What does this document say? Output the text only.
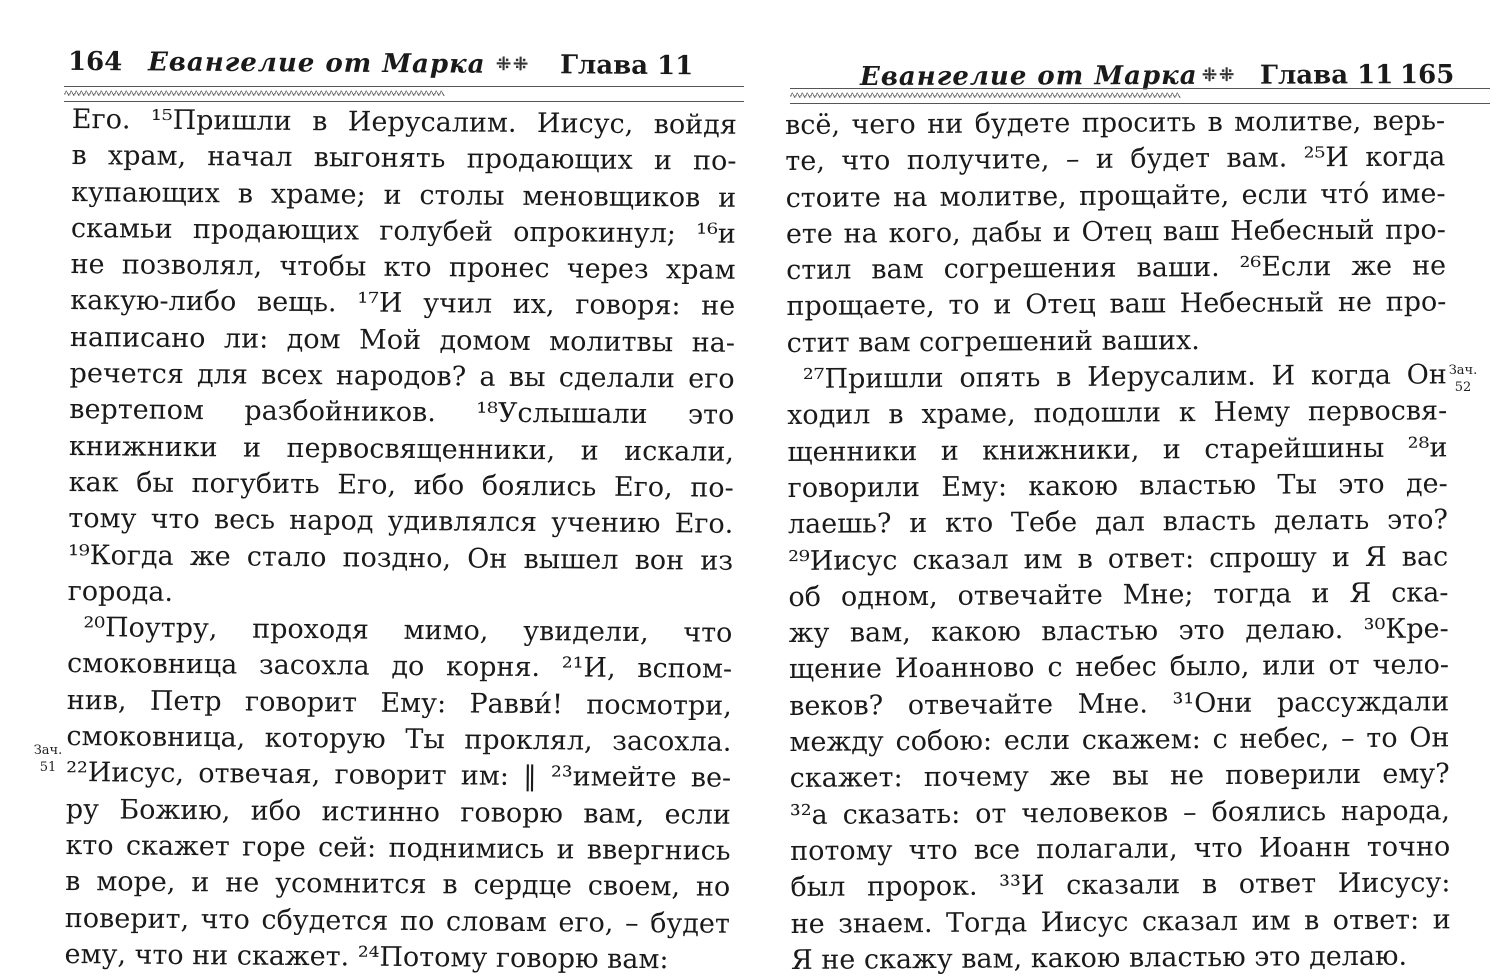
164 Евангелие от Марка ⁜⁜ Глава 11
ﾍﾍﾍﾍﾍﾍﾍﾍﾍﾍﾍﾍﾍﾍﾍﾍﾍﾍﾍﾍﾍﾍﾍﾍﾍﾍﾍﾍﾍﾍﾍﾍﾍﾍﾍﾍﾍﾍﾍﾍﾍﾍﾍﾍﾍﾍﾍﾍﾍﾍﾍﾍﾍﾍﾍﾍﾍﾍﾍﾍﾍﾍﾍﾍﾍﾍﾍﾍﾍﾍﾍﾍﾍﾍﾍﾍ
Его. ¹⁵Пришли в Иерусалим. Иисус, войдя
в храм, начал выгонять продающих и по-
купающих в храме; и столы меновщиков и
скамьи продающих голубей опрокинул; ¹⁶и
не позволял, чтобы кто пронес через храм
какую-либо вещь. ¹⁷И учил их, говоря: не
написано ли: дом Мой домом молитвы на-
речется для всех народов? а вы сделали его
вертепом разбойников. ¹⁸Услышали это
книжники и первосвященники, и искали,
как бы погубить Его, ибо боялись Его, по-
тому что весь народ удивлялся учению Его.
¹⁹Когда же стало поздно, Он вышел вон из
города.
²⁰Поутру, проходя мимо, увидели, что
смоковница засохла до корня. ²¹И, вспом-
нив, Петр говорит Ему: Равви́! посмотри,
смоковница, которую Ты проклял, засохла.
²²Иисус, отвечая, говорит им: ‖ ²³имейте ве-
ру Божию, ибо истинно говорю вам, если
кто скажет горе сей: поднимись и ввергнись
в море, и не усомнится в сердце своем, но
поверит, что сбудется по словам его, – будет
ему, что ни скажет. ²⁴Потому говорю вам:
Зач.
51
Евангелие от Марка ⁜⁜ Глава 11 165
ﾍﾍﾍﾍﾍﾍﾍﾍﾍﾍﾍﾍﾍﾍﾍﾍﾍﾍﾍﾍﾍﾍﾍﾍﾍﾍﾍﾍﾍﾍﾍﾍﾍﾍﾍﾍﾍﾍﾍﾍﾍﾍﾍﾍﾍﾍﾍﾍﾍﾍﾍﾍﾍﾍﾍﾍﾍﾍﾍﾍﾍﾍﾍﾍﾍﾍﾍﾍﾍﾍﾍﾍﾍﾍﾍﾍﾍﾍ
всё, чего ни будете просить в молитве, верь-
те, что получите, – и будет вам. ²⁵И когда
стоите на молитве, прощайте, если что́ име-
ете на кого, дабы и Отец ваш Небесный про-
стил вам согрешения ваши. ²⁶Если же не
прощаете, то и Отец ваш Небесный не про-
стит вам согрешений ваших.
²⁷Пришли опять в Иерусалим. И когда Он
ходил в храме, подошли к Нему первосвя-
щенники и книжники, и старейшины ²⁸и
говорили Ему: какою властью Ты это де-
лаешь? и кто Тебе дал власть делать это?
²⁹Иисус сказал им в ответ: спрошу и Я вас
об одном, отвечайте Мне; тогда и Я ска-
жу вам, какою властью это делаю. ³⁰Кре-
щение Иоанново с небес было, или от чело-
веков? отвечайте Мне. ³¹Они рассуждали
между собою: если скажем: с небес, – то Он
скажет: почему же вы не поверили ему?
³²а сказать: от человеков – боялись народа,
потому что все полагали, что Иоанн точно
был пророк. ³³И сказали в ответ Иисусу:
не знаем. Тогда Иисус сказал им в ответ: и
Я не скажу вам, какою властью это делаю.
Зач.
52
